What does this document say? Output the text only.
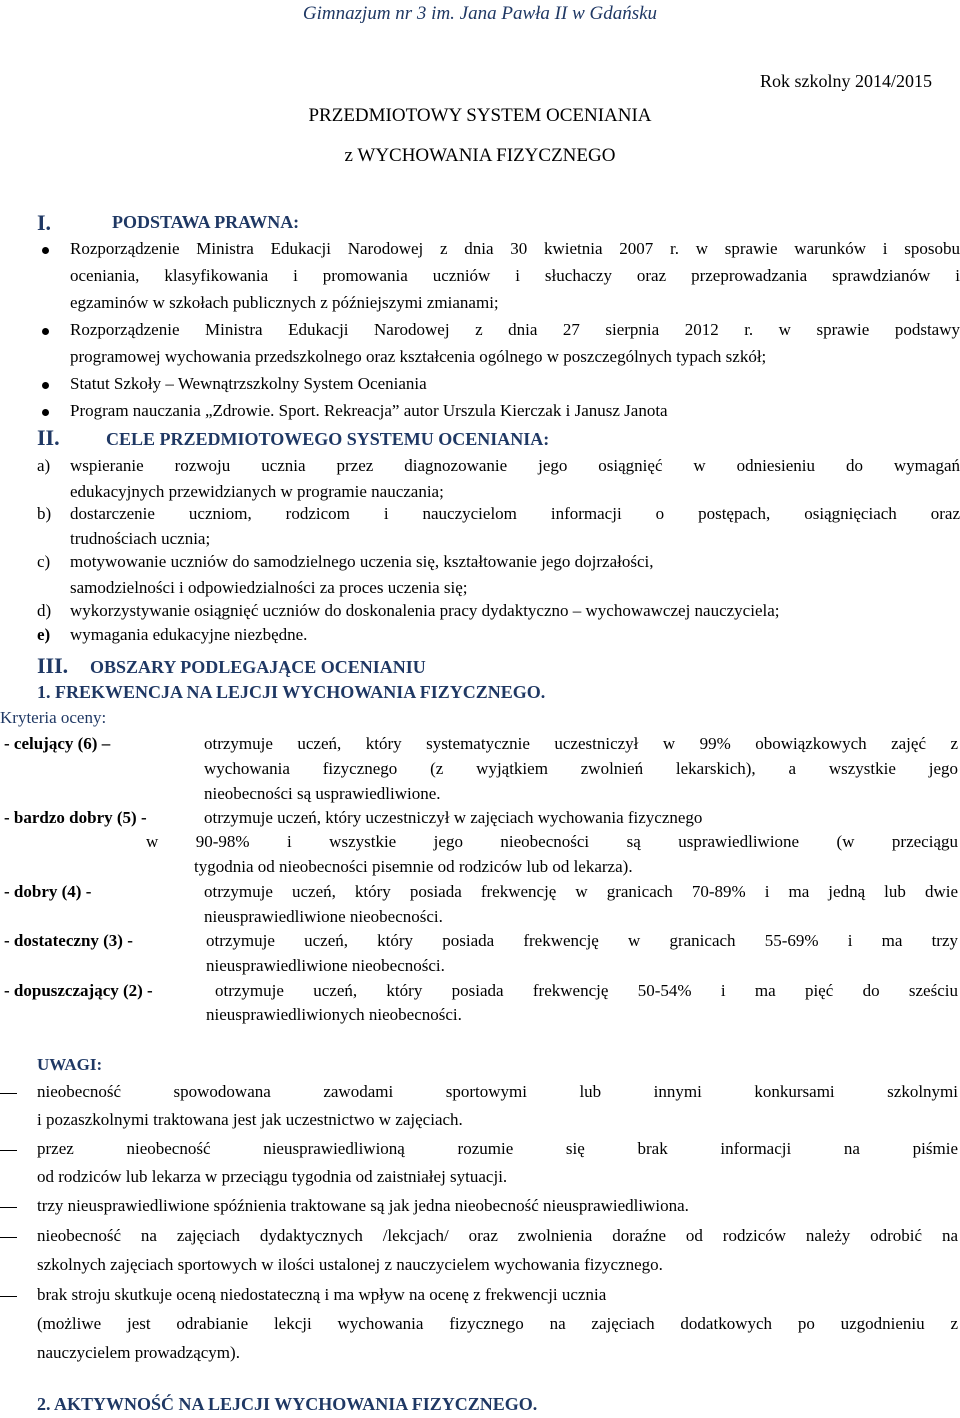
Gimnazjum nr 3 im. Jana Pawła II w Gdańsku
Rok szkolny 2014/2015
PRZEDMIOTOWY SYSTEM OCENIANIA
z WYCHOWANIA FIZYCZNEGO
I.	PODSTAWA PRAWNA:
Rozporządzenie Ministra Edukacji Narodowej z dnia 30 kwietnia 2007 r. w sprawie warunków i sposobu
oceniania, klasyfikowania i promowania uczniów i słuchaczy oraz przeprowadzania sprawdzianów i
egzaminów w szkołach publicznych z późniejszymi zmianami;
Rozporządzenie Ministra Edukacji Narodowej z dnia 27 sierpnia 2012 r. w sprawie podstawy
programowej wychowania przedszkolnego oraz kształcenia ogólnego w poszczególnych typach szkół;
Statut Szkoły – Wewnątrzszkolny System Oceniania
Program nauczania „Zdrowie. Sport. Rekreacja” autor Urszula Kierczak i Janusz Janota
II.	CELE PRZEDMIOTOWEGO SYSTEMU OCENIANIA:
a) wspieranie rozwoju ucznia przez diagnozowanie jego osiągnięć w odniesieniu do wymagań
edukacyjnych przewidzianych w programie nauczania;
b) dostarczenie uczniom, rodzicom i nauczycielom informacji o postępach, osiągnięciach oraz
trudnościach ucznia;
c) motywowanie uczniów do samodzielnego uczenia się, kształtowanie jego dojrzałości,
samodzielności i odpowiedzialności za proces uczenia się;
d) wykorzystywanie osiągnięć uczniów do doskonalenia pracy dydaktyczno – wychowawczej nauczyciela;
e) wymagania edukacyjne niezbędne.
III. OBSZARY PODLEGAJĄCE OCENIANIU
1. FREKWENCJA NA LEJCJI WYCHOWANIA FIZYCZNEGO.
Kryteria oceny:
- celujący (6) –	otrzymuje uczeń, który systematycznie uczestniczył w 99% obowiązkowych zajęć z
wychowania fizycznego (z wyjątkiem zwolnień lekarskich), a wszystkie jego
nieobecności są usprawiedliwione.
- bardzo dobry (5) -	otrzymuje uczeń, który uczestniczył w zajęciach wychowania fizycznego
w 90-98% i wszystkie jego nieobecności są usprawiedliwione (w przeciągu
tygodnia od nieobecności pisemnie od rodziców lub od lekarza).
- dobry (4) -	otrzymuje uczeń, który posiada frekwencję w granicach 70-89% i ma jedną lub dwie
nieusprawiedliwione nieobecności.
- dostateczny (3) -	otrzymuje uczeń, który posiada frekwencję w granicach 55-69% i ma trzy
nieusprawiedliwione nieobecności.
- dopuszczający (2) -	otrzymuje uczeń, który posiada frekwencję 50-54% i ma pięć do sześciu
nieusprawiedliwionych nieobecności.
UWAGI:
nieobecność spowodowana zawodami sportowymi lub innymi konkursami szkolnymi
i pozaszkolnymi traktowana jest jak uczestnictwo w zajęciach.
przez nieobecność nieusprawiedliwioną rozumie się brak informacji na piśmie
od rodziców lub lekarza w przeciągu tygodnia od zaistniałej sytuacji.
trzy nieusprawiedliwione spóźnienia traktowane są jak jedna nieobecność nieusprawiedliwiona.
nieobecność na zajęciach dydaktycznych /lekcjach/ oraz zwolnienia doraźne od rodziców należy odrobić na
szkolnych zajęciach sportowych w ilości ustalonej z nauczycielem wychowania fizycznego.
brak stroju skutkuje oceną niedostateczną i ma wpływ na ocenę z frekwencji ucznia
(możliwe jest odrabianie lekcji wychowania fizycznego na zajęciach dodatkowych po uzgodnieniu z
nauczycielem prowadzącym).
2. AKTYWNOŚĆ NA LEJCJI WYCHOWANIA FIZYCZNEGO.
